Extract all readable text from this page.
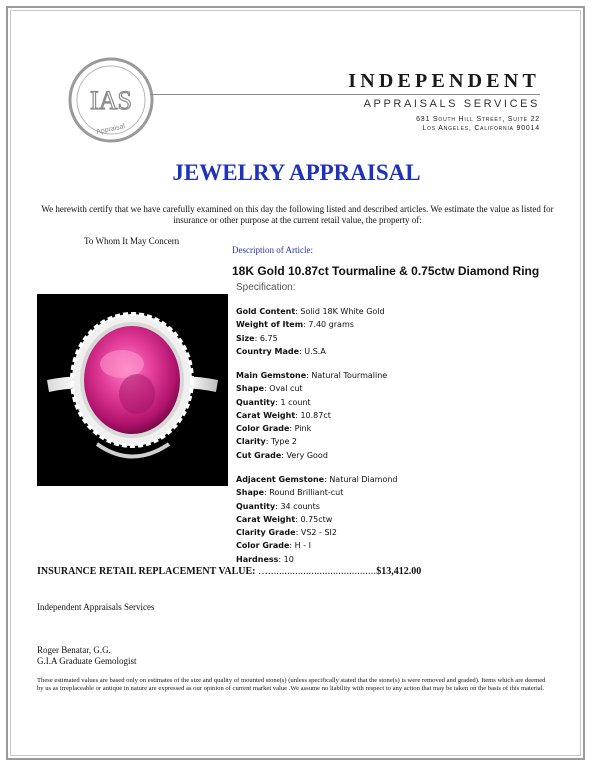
IAS
Appraisal
INDEPENDENT
APPRAISALS SERVICES
631 South Hill Street, Suite 22
Los Angeles, California 90014
JEWELRY APPRAISAL
We herewith certify that we have carefully examined on this day the following listed and described articles. We estimate the value as listed for insurance or other purpose at the current retail value, the property of:
To Whom It May Concern
Description of Article:
18K Gold 10.87ct Tourmaline & 0.75ctw Diamond Ring
Specification:
Gold Content: Solid 18K White Gold
Weight of Item: 7.40 grams
Size: 6.75
Country Made: U.S.A
Main Gemstone: Natural Tourmaline
Shape: Oval cut
Quantity: 1 count
Carat Weight: 10.87ct
Color Grade: Pink
Clarity: Type 2
Cut Grade: Very Good
Adjacent Gemstone: Natural Diamond
Shape: Round Brilliant-cut
Quantity: 34 counts
Carat Weight: 0.75ctw
Clarity Grade: VS2 - SI2
Color Grade: H - I
Hardness: 10
INSURANCE RETAIL REPLACEMENT VALUE: …........................................$13,412.00
Independent Appraisals Services
Roger Benatar, G.G.
G.I.A Graduate Gemologist
These estimated values are based only on estimates of the size and quality of mounted stone(s) (unless specifically stated that the stone(s) is were removed and graded). Items which are deemed by us as irreplaceable or antique in nature are expressed as our opinion of current market value .We assume no liability with respect to any action that may be taken on the basis of this material.
